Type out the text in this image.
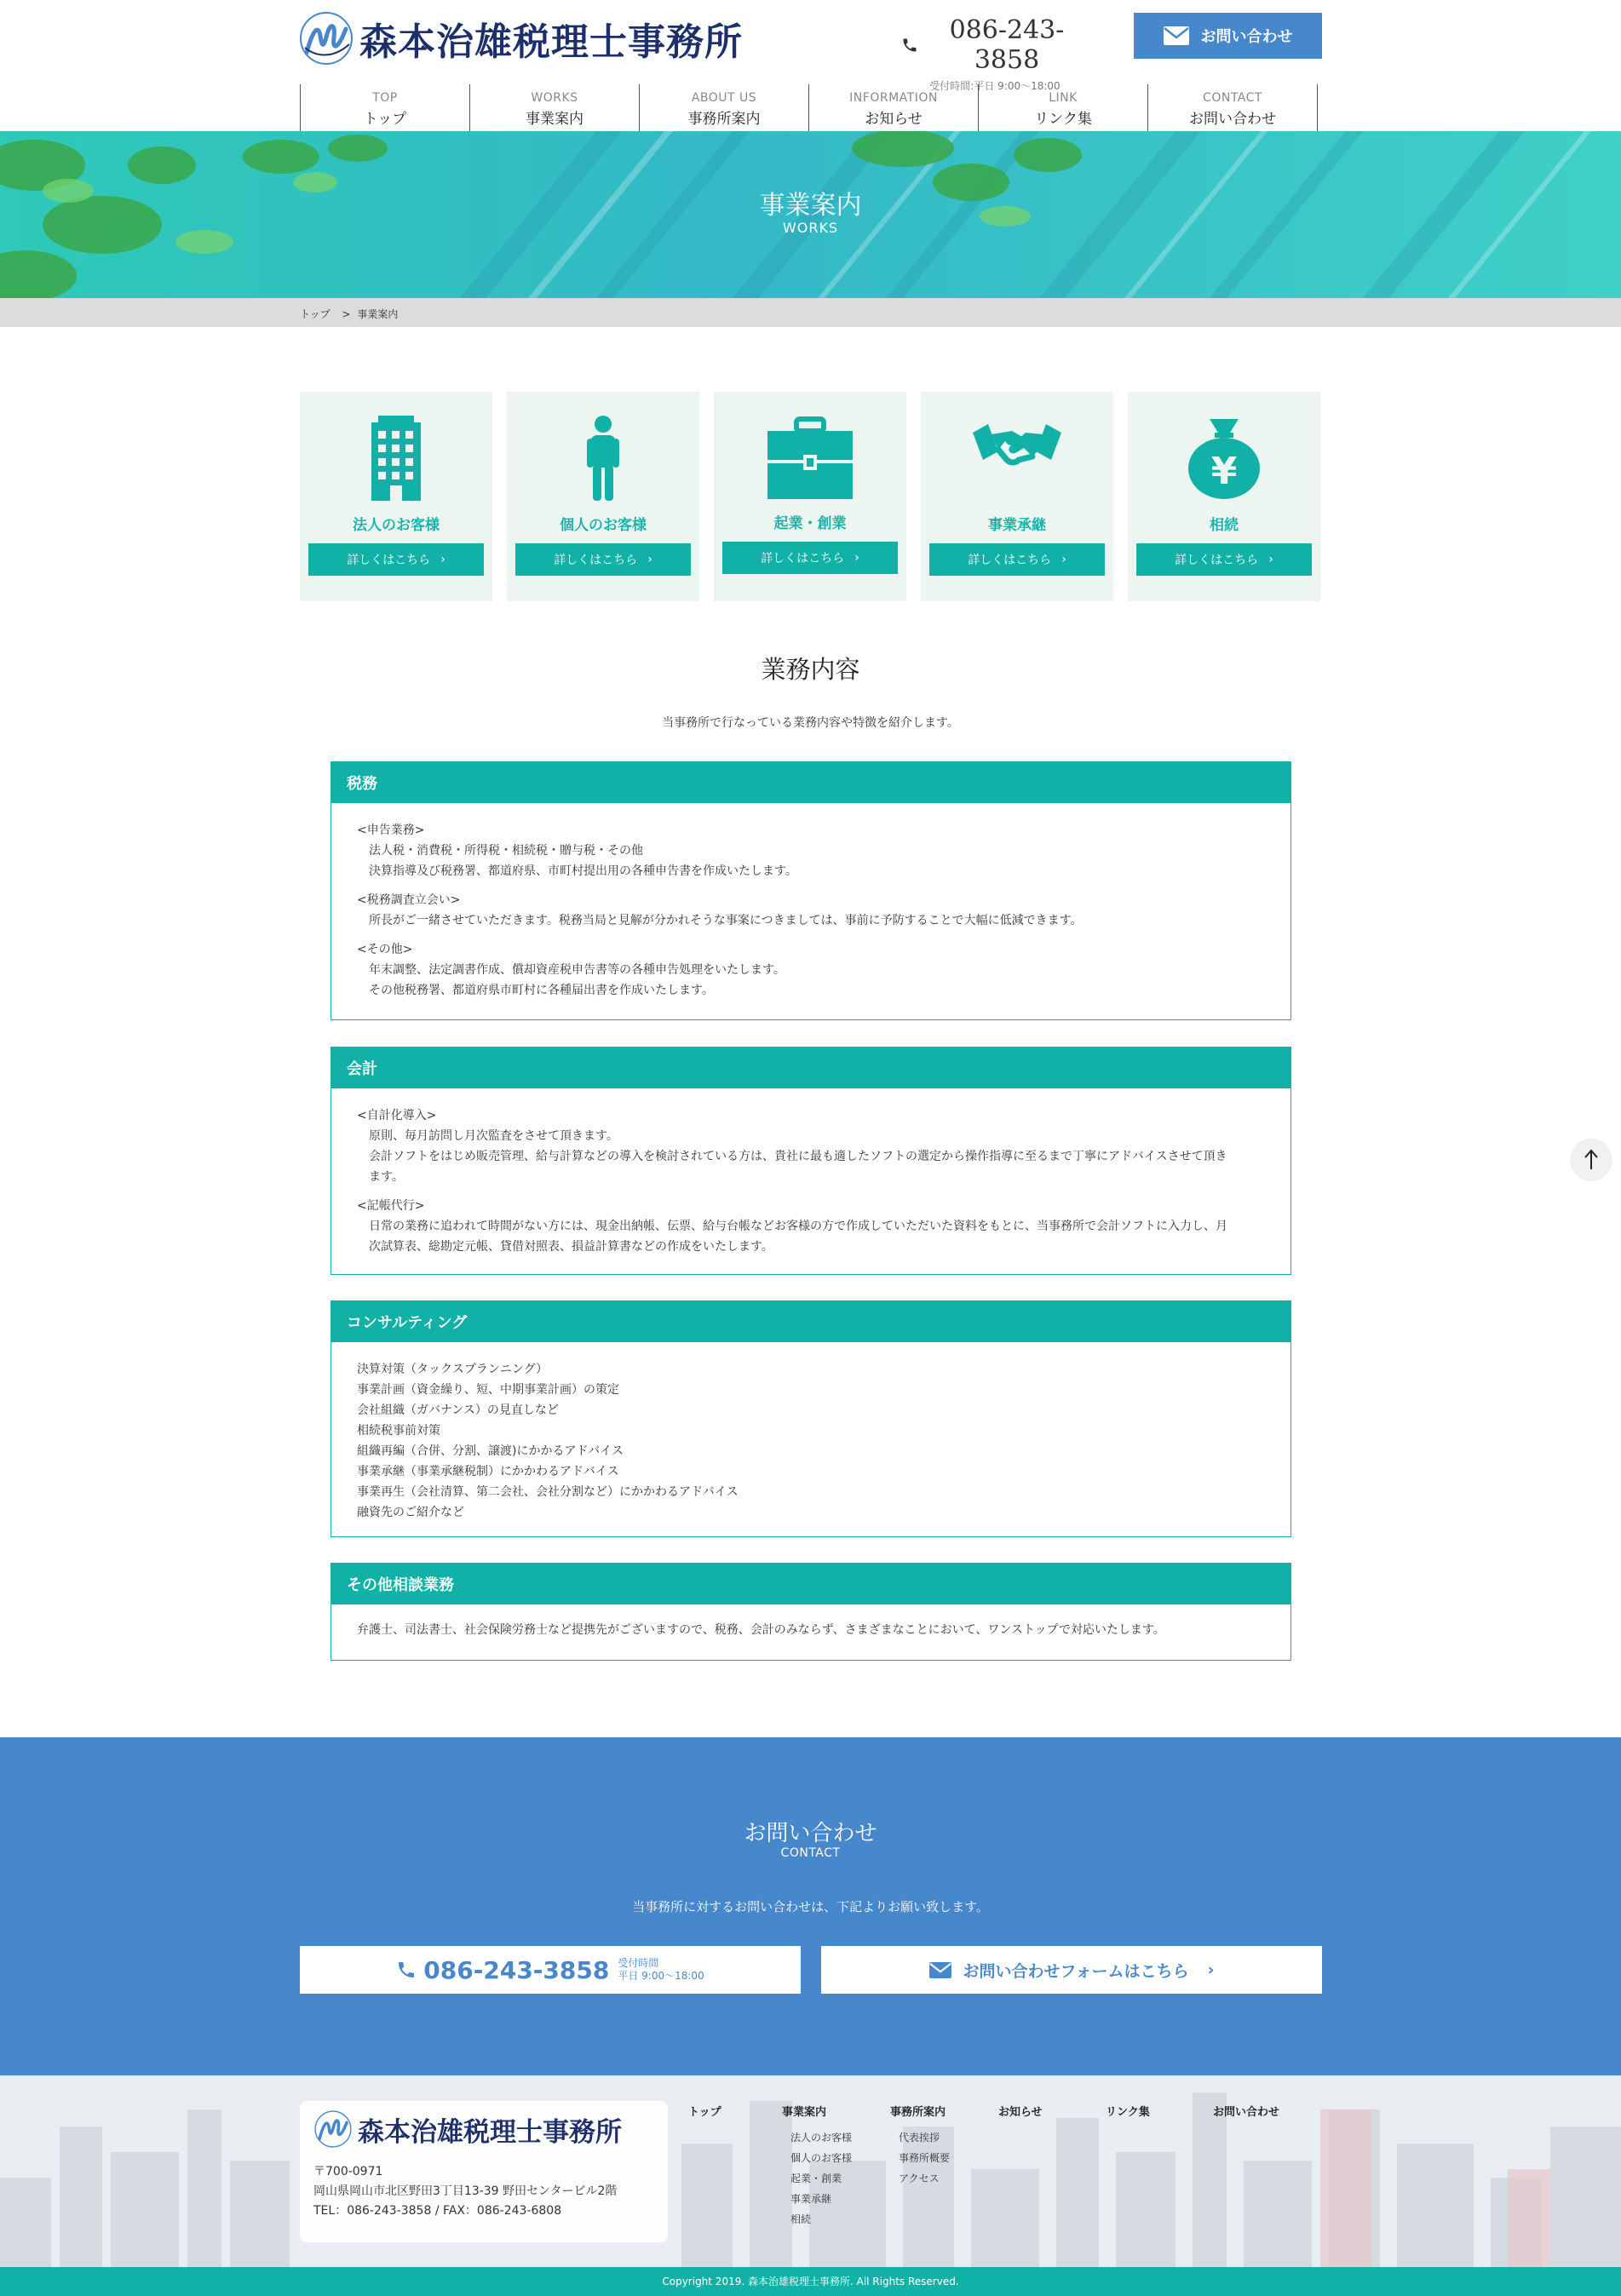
森本治雄税理士事務所	086-243-3858
受付時間:平日 9:00〜18:00
お問い合わせ
TOP
トップ
WORKS
事業案内
ABOUT US
事務所案内
INFORMATION
お知らせ
LINK
リンク集
CONTACT
お問い合わせ
事業案内
WORKS
トップ > 事業案内
法人のお客様
詳しくはこちら ›
個人のお客様
詳しくはこちら ›
起業・創業
詳しくはこちら ›
事業承継
詳しくはこちら ›
¥
相続
詳しくはこちら ›
業務内容
当事務所で行なっている業務内容や特徴を紹介します。
税務
<申告業務>
法人税・消費税・所得税・相続税・贈与税・その他
決算指導及び税務署、都道府県、市町村提出用の各種申告書を作成いたします。
<税務調査立会い>
所長がご一緒させていただきます。税務当局と見解が分かれそうな事案につきましては、事前に予防することで大幅に低減できます。
<その他>
年末調整、法定調書作成、償却資産税申告書等の各種申告処理をいたします。
その他税務署、都道府県市町村に各種届出書を作成いたします。
会計
<自計化導入>
原則、毎月訪問し月次監査をさせて頂きます。
会計ソフトをはじめ販売管理、給与計算などの導入を検討されている方は、貴社に最も適したソフトの選定から操作指導に至るまで丁寧にアドバイスさせて頂きます。
<記帳代行>
日常の業務に追われて時間がない方には、現金出納帳、伝票、給与台帳などお客様の方で作成していただいた資料をもとに、当事務所で会計ソフトに入力し、月次試算表、総勘定元帳、貸借対照表、損益計算書などの作成をいたします。
コンサルティング
決算対策（タックスプランニング）
事業計画（資金繰り、短、中期事業計画）の策定
会社組織（ガバナンス）の見直しなど
相続税事前対策
組織再編（合併、分割、譲渡)にかかるアドバイス
事業承継（事業承継税制）にかかわるアドバイス
事業再生（会社清算、第二会社、会社分割など）にかかわるアドバイス
融資先のご紹介など
その他相談業務
弁護士、司法書士、社会保険労務士など提携先がございますので、税務、会計のみならず、さまざまなことにおいて、ワンストップで対応いたします。
お問い合わせ
CONTACT
当事務所に対するお問い合わせは、下記よりお願い致します。
086-243-3858 受付時間
平日 9:00〜18:00	お問い合わせフォームはこちら ›
森本治雄税理士事務所
〒700-0971
岡山県岡山市北区野田3丁目13-39 野田センタービル2階
TEL：086-243-3858 / FAX：086-243-6808
トップ	事業案内
法人のお客様
個人のお客様
起業・創業
事業承継
相続
事務所案内
代表挨拶
事務所概要
アクセス
お知らせ	リンク集	お問い合わせ
Copyright 2019. 森本治雄税理士事務所. All Rights Reserved.
